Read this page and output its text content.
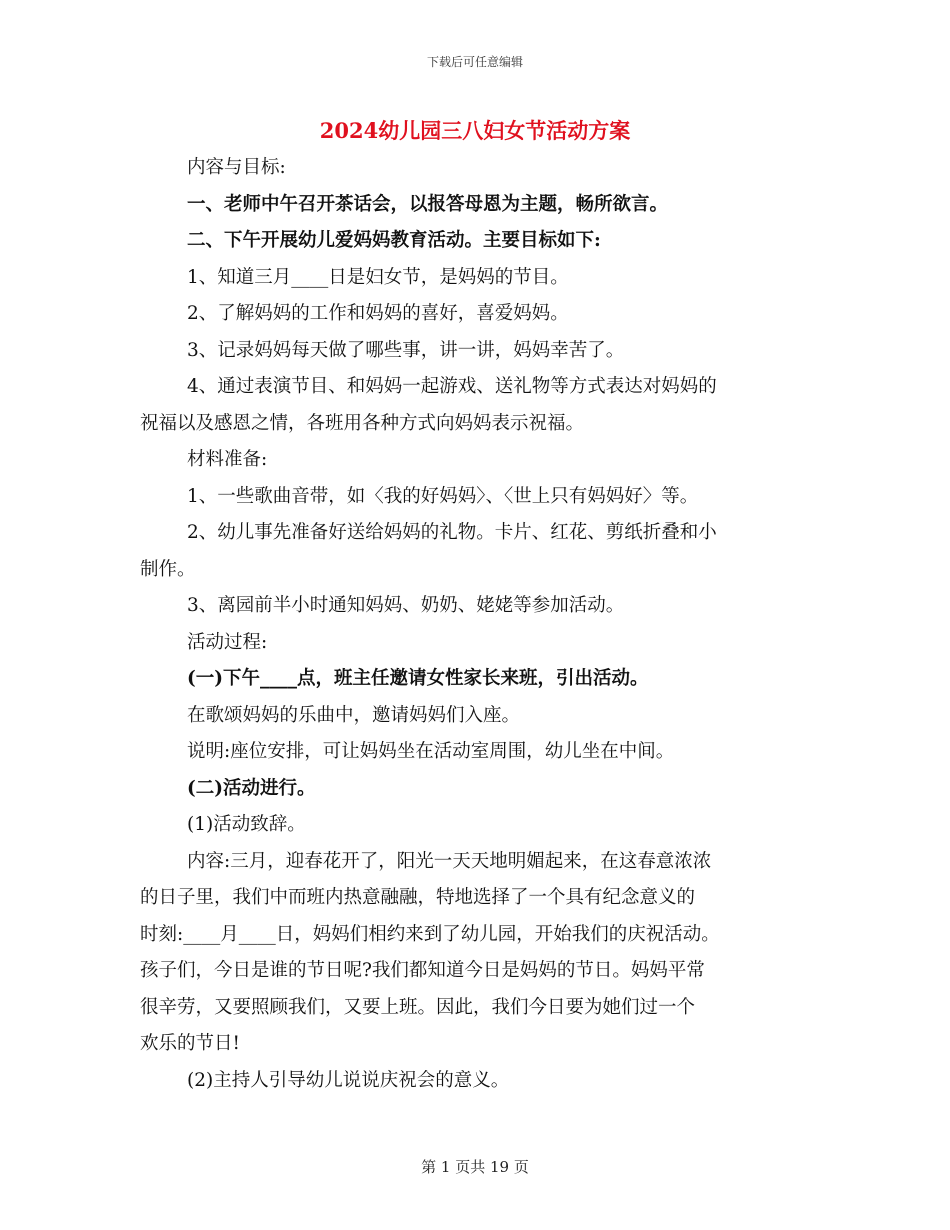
下载后可任意编辑
2024幼儿园三八妇女节活动方案

内容与目标:

一、老师中午召开茶话会，以报答母恩为主题，畅所欲言。

二、下午开展幼儿爱妈妈教育活动。主要目标如下:

1、知道三月____日是妇女节，是妈妈的节目。

2、了解妈妈的工作和妈妈的喜好，喜爱妈妈。

3、记录妈妈每天做了哪些事，讲一讲，妈妈幸苦了。

4、通过表演节目、和妈妈一起游戏、送礼物等方式表达对妈妈的

祝福以及感恩之情，各班用各种方式向妈妈表示祝福。

材料准备:

1、一些歌曲音带，如〈我的好妈妈〉、〈世上只有妈妈好〉等。

2、幼儿事先准备好送给妈妈的礼物。卡片、红花、剪纸折叠和小

制作。

3、离园前半小时通知妈妈、奶奶、姥姥等参加活动。

活动过程:

(一)下午____点，班主任邀请女性家长来班，引出活动。

在歌颂妈妈的乐曲中，邀请妈妈们入座。

说明:座位安排，可让妈妈坐在活动室周围，幼儿坐在中间。

(二)活动进行。

(1)活动致辞。

内容:三月，迎春花开了，阳光一天天地明媚起来，在这春意浓浓

的日子里，我们中而班内热意融融，特地选择了一个具有纪念意义的

时刻:____月____日，妈妈们相约来到了幼儿园，开始我们的庆祝活动。

孩子们，今日是谁的节日呢?我们都知道今日是妈妈的节日。妈妈平常

很辛劳，又要照顾我们，又要上班。因此，我们今日要为她们过一个

欢乐的节日!

(2)主持人引导幼儿说说庆祝会的意义。

第 1 页共 19 页
